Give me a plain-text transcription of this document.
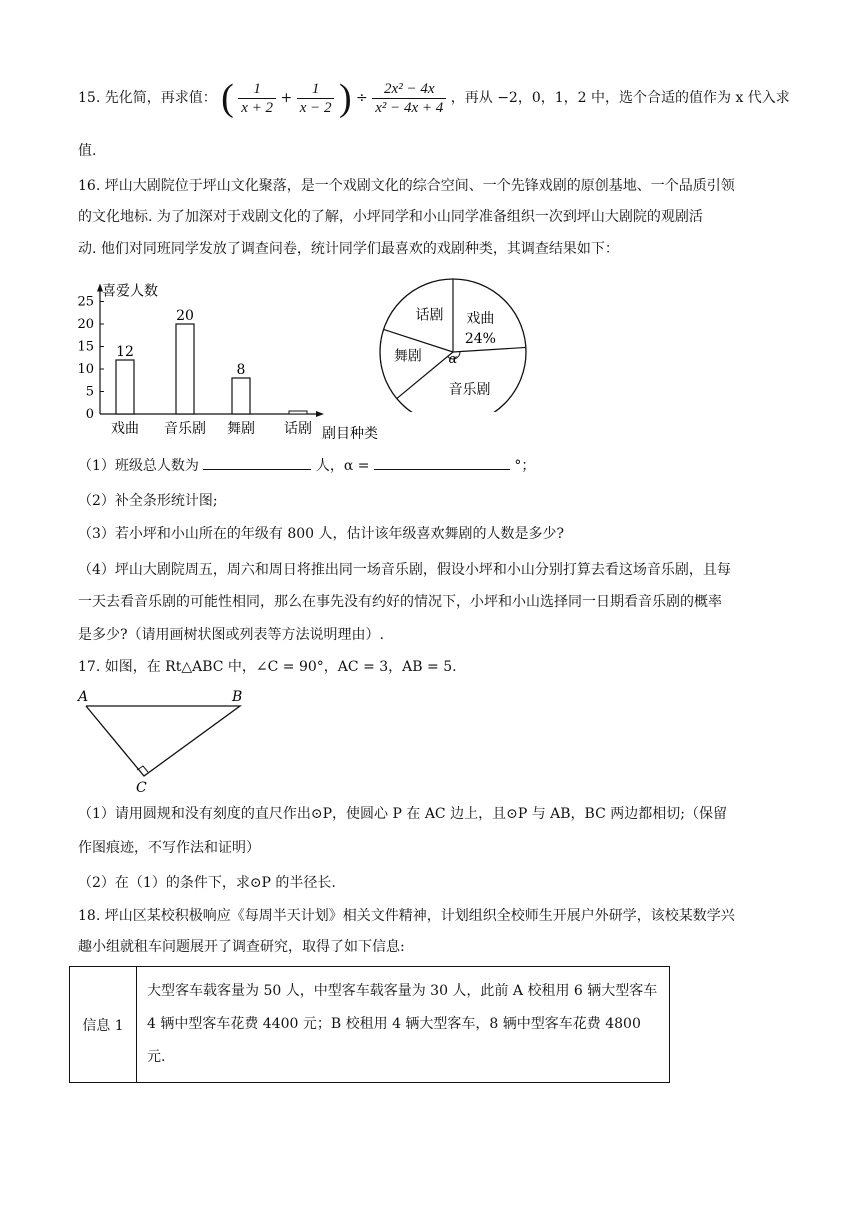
15. 先化简，再求值： ( $\frac{1}{x + 2} + \frac{1}{x - 2}$ ) ÷ $\frac{\text{2x² − 4x}}{\text{x² − 4x + 4}}$ ，再从 −2，0，1，2 中，选个合适的值作为 x 代入求
值.
16. 坪山大剧院位于坪山文化聚落，是一个戏剧文化的综合空间、一个先锋戏剧的原创基地、一个品质引领
的文化地标. 为了加深对于戏剧文化的了解，小坪同学和小山同学准备组织一次到坪山大剧院的观剧活
动. 他们对同班同学发放了调查问卷，统计同学们最喜欢的戏剧种类，其调查结果如下：
喜爱人数
0
5
10
15
20
25
12
戏曲
20
音乐剧
8
舞剧 话剧 剧目种类
戏曲
24%
音乐剧
舞剧
话剧
α
（1）班级总人数为	人，α =	°；
（2）补全条形统计图;
（3）若小坪和小山所在的年级有 800 人，估计该年级喜欢舞剧的人数是多少?
（4）坪山大剧院周五，周六和周日将推出同一场音乐剧，假设小坪和小山分别打算去看这场音乐剧，且每
一天去看音乐剧的可能性相同，那么在事先没有约好的情况下，小坪和小山选择同一日期看音乐剧的概率
是多少?（请用画树状图或列表等方法说明理由）.
17. 如图，在 Rt△ABC 中，∠C = 90°，AC = 3，AB = 5.
A	B
C
（1）请用圆规和没有刻度的直尺作出⊙P，使圆心 P 在 AC 边上，且⊙P 与 AB，BC 两边都相切;（保留
作图痕迹，不写作法和证明）
（2）在（1）的条件下，求⊙P 的半径长.
18. 坪山区某校积极响应《每周半天计划》相关文件精神，计划组织全校师生开展户外研学，该校某数学兴
趣小组就租车问题展开了调查研究，取得了如下信息:
信息 1	大型客车载客量为 50 人，中型客车载客量为 30 人，此前 A 校租用 6 辆大型客车 4 辆中型客车花费 4400 元；B 校租用 4 辆大型客车，8 辆中型客车花费 4800 元.
